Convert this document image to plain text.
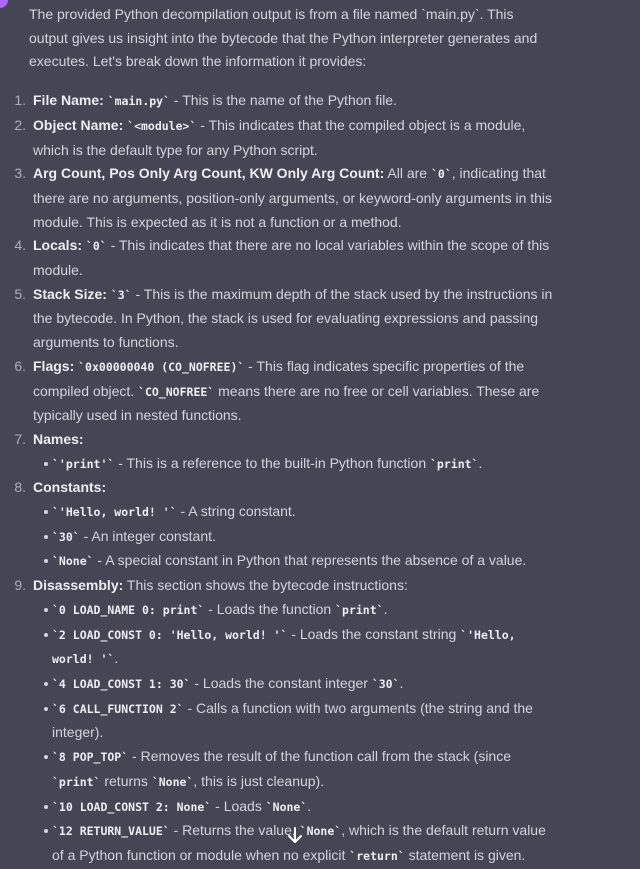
The provided Python decompilation output is from a file named `main.py`. This output gives us insight into the bytecode that the Python interpreter generates and executes. Let's break down the information it provides:

1. File Name: `main.py` - This is the name of the Python file.
2. Object Name: `<module>` - This indicates that the compiled object is a module, which is the default type for any Python script.
3. Arg Count, Pos Only Arg Count, KW Only Arg Count: All are `0`, indicating that there are no arguments, position-only arguments, or keyword-only arguments in this module. This is expected as it is not a function or a method.
4. Locals: `0` - This indicates that there are no local variables within the scope of this module.
5. Stack Size: `3` - This is the maximum depth of the stack used by the instructions in the bytecode. In Python, the stack is used for evaluating expressions and passing arguments to functions.
6. Flags: `0x00000040 (CO_NOFREE)` - This flag indicates specific properties of the compiled object. `CO_NOFREE` means there are no free or cell variables. These are typically used in nested functions.
7. Names:
`'print'` - This is a reference to the built-in Python function `print`.
8. Constants:
`'Hello, world! '` - A string constant.
`30` - An integer constant.
`None` - A special constant in Python that represents the absence of a value.
9. Disassembly: This section shows the bytecode instructions:
`0 LOAD_NAME 0: print` - Loads the function `print`.
`2 LOAD_CONST 0: 'Hello, world! '` - Loads the constant string `'Hello, world! '`.
`4 LOAD_CONST 1: 30` - Loads the constant integer `30`.
`6 CALL_FUNCTION 2` - Calls a function with two arguments (the string and the integer).
`8 POP_TOP` - Removes the result of the function call from the stack (since `print` returns `None`, this is just cleanup).
`10 LOAD_CONST 2: None` - Loads `None`.
`12 RETURN_VALUE` - Returns the value, `None`, which is the default return value of a Python function or module when no explicit `return` statement is given.
